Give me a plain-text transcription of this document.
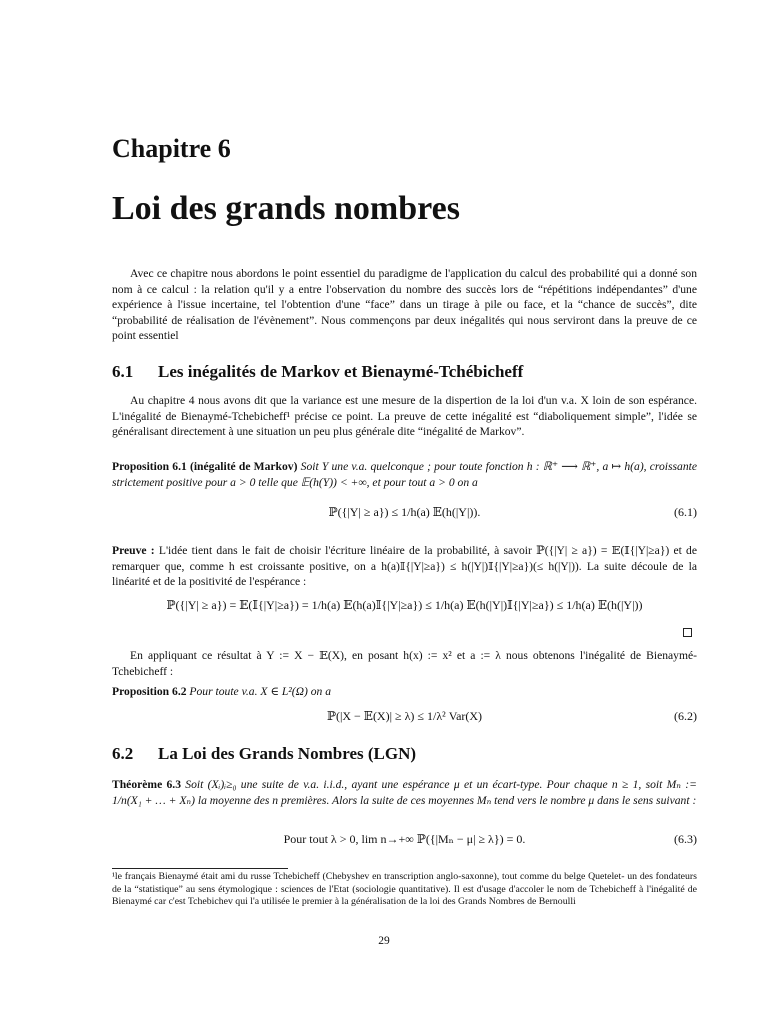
Chapitre 6
Loi des grands nombres
Avec ce chapitre nous abordons le point essentiel du paradigme de l'application du calcul des probabilité qui a donné son nom à ce calcul : la relation qu'il y a entre l'observation du nombre des succès lors de “répétitions indépendantes” d'une expérience à l'issue incertaine, tel l'obtention d'une “face” dans un tirage à pile ou face, et la “chance de succès”, dite “probabilité de réalisation de l'évènement”. Nous commençons par deux inégalités qui nous serviront dans la preuve de ce point essentiel
6.1 Les inégalités de Markov et Bienaymé-Tchébicheff
Au chapitre 4 nous avons dit que la variance est une mesure de la dispertion de la loi d'un v.a. X loin de son espérance. L'inégalité de Bienaymé-Tchebicheff¹ précise ce point. La preuve de cette inégalité est “diaboliquement simple”, l'idée se généralisant directement à une situation un peu plus générale dite “inégalité de Markov”.
Proposition 6.1 (inégalité de Markov) Soit Y une v.a. quelconque ; pour toute fonction h : ℝ⁺ ⟶ ℝ⁺, a ↦ h(a), croissante strictement positive pour a > 0 telle que 𝔼(h(Y)) < +∞, et pour tout a > 0 on a
ℙ({|Y| ≥ a}) ≤ 1/h(a) 𝔼(h(|Y|)).	(6.1)
Preuve : L'idée tient dans le fait de choisir l'écriture linéaire de la probabilité, à savoir ℙ({|Y| ≥ a}) = 𝔼(𝕀{|Y|≥a}) et de remarquer que, comme h est croissante positive, on a h(a)𝕀{|Y|≥a}) ≤ h(|Y|)𝕀{|Y|≥a})(≤ h(|Y|)). La suite découle de la linéarité et de la positivité de l'espérance :
ℙ({|Y| ≥ a}) = 𝔼(𝕀{|Y|≥a}) = 1/h(a) 𝔼(h(a)𝕀{|Y|≥a}) ≤ 1/h(a) 𝔼(h(|Y|)𝕀{|Y|≥a}) ≤ 1/h(a) 𝔼(h(|Y|))
En appliquant ce résultat à Y := X − 𝔼(X), en posant h(x) := x² et a := λ nous obtenons l'inégalité de Bienaymé-Tchebicheff :
Proposition 6.2 Pour toute v.a. X ∈ L²(Ω) on a
ℙ(|X − 𝔼(X)| ≥ λ) ≤ 1/λ² Var(X)	(6.2)
6.2 La Loi des Grands Nombres (LGN)
Théorème 6.3 Soit (Xᵢ)ᵢ≥₀ une suite de v.a. i.i.d., ayant une espérance μ et un écart-type. Pour chaque n ≥ 1, soit Mₙ := 1/n(X₁ + … + Xₙ) la moyenne des n premières. Alors la suite de ces moyennes Mₙ tend vers le nombre μ dans le sens suivant :
Pour tout λ > 0, lim n→+∞ ℙ({|Mₙ − μ| ≥ λ}) = 0.	(6.3)
¹le français Bienaymé était ami du russe Tchebicheff (Chebyshev en transcription anglo-saxonne), tout comme du belge Quetelet- un des fondateurs de la “statistique” au sens étymologique : sciences de l'Etat (sociologie quantitative). Il est d'usage d'accoler le nom de Tchebicheff à l'inégalité de Bienaymé car c'est Tchebichev qui l'a utilisée le premier à la généralisation de la loi des Grands Nombres de Bernoulli
29
